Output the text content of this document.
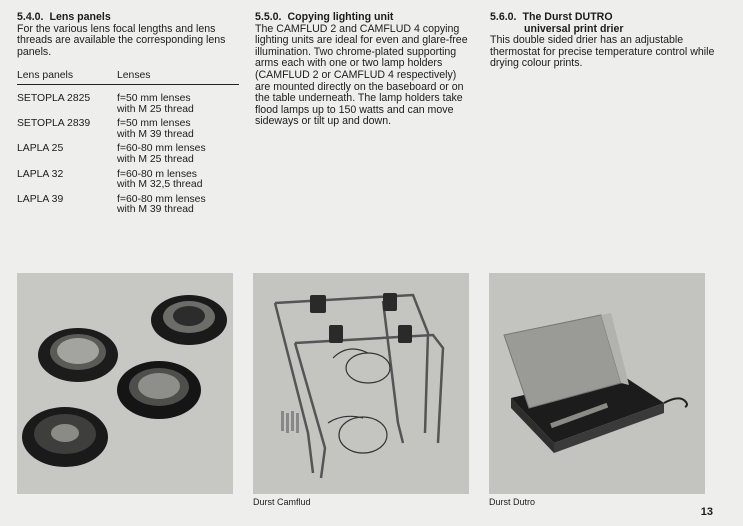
5.4.0. Lens panels

For the various lens focal lengths and lens threads are available the corresponding lens panels.

Lens panels	Lenses
SETOPLA 2825	f=50 mm lenses
with M 25 thread

SETOPLA 2839	f=50 mm lenses
with M 39 thread

LAPLA 25	f=60-80 mm lenses
with M 25 thread

LAPLA 32	f=60-80 m lenses
with M 32,5 thread

LAPLA 39	f=60-80 mm lenses
with M 39 thread
5.5.0. Copying lighting unit

The CAMFLUD 2 and CAMFLUD 4 copying lighting units are ideal for even and glare-free illumination. Two chrome-plated supporting arms each with one or two lamp holders (CAMFLUD 2 or CAMFLUD 4 respectively) are mounted directly on the baseboard or on the table underneath. The lamp holders take flood lamps up to 150 watts and can move sideways or tilt up and down.

5.6.0. The Durst DUTRO
universal print drier

This double sided drier has an adjustable thermostat for precise temperature control while drying colour prints.

Durst Camflud	Durst Dutro
13
